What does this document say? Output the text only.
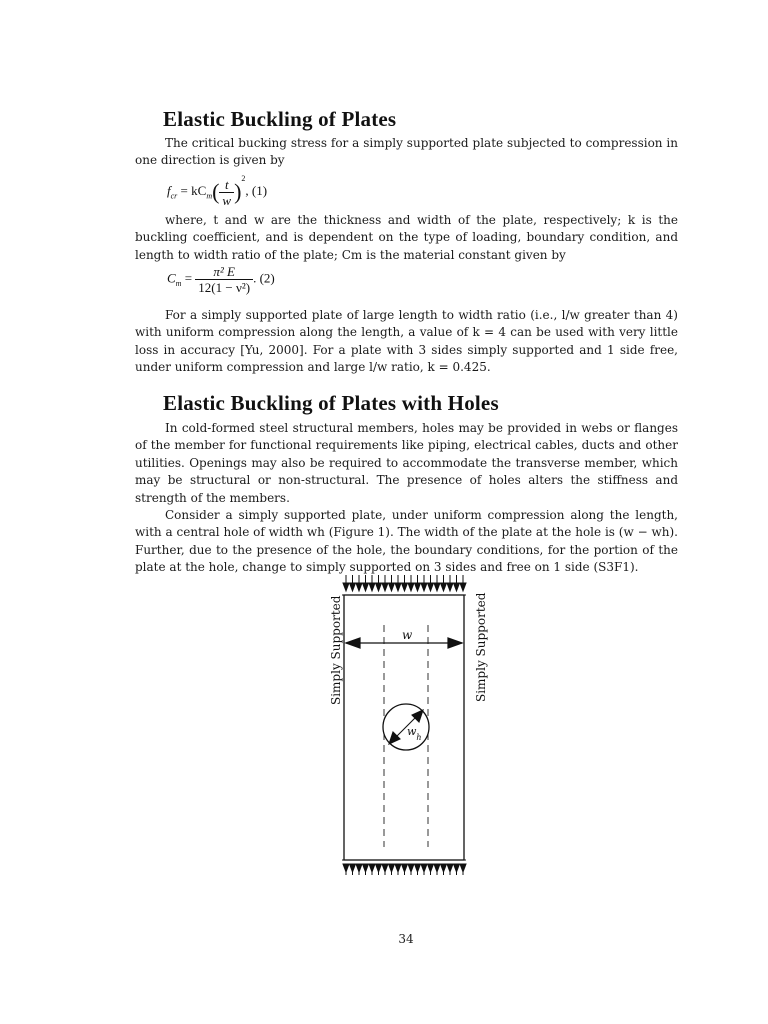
Elastic Buckling of Plates

The critical bucking stress for a simply supported plate subjected to compression in one direction is given by

$f_{cr} = kC_m( \frac{t}{w} )^2$, (1)

where, t and w are the thickness and width of the plate, respectively; k is the buckling coefficient, and is dependent on the type of loading, boundary condition, and length to width ratio of the plate; Cm is the material constant given by

$C_m = \frac{\text{π² E}}{\text{12(1 − ν²)}}$ . (2)

For a simply supported plate of large length to width ratio (i.e., l/w greater than 4) with uniform compression along the length, a value of k = 4 can be used with very little loss in accuracy [Yu, 2000]. For a plate with 3 sides simply supported and 1 side free, under uniform compression and large l/w ratio, k = 0.425.

Elastic Buckling of Plates with Holes

In cold-formed steel structural members, holes may be provided in webs or flanges of the member for functional requirements like piping, electrical cables, ducts and other utilities. Openings may also be required to accommodate the transverse member, which may be structural or non-structural. The presence of holes alters the stiffness and strength of the members.

Consider a simply supported plate, under uniform compression along the length, with a central hole of width wh (Figure 1). The width of the plate at the hole is (w − wh). Further, due to the presence of the hole, the boundary conditions, for the portion of the plate at the hole, change to simply supported on 3 sides and free on 1 side (S3F1).

w
$w_h$
Simply Supported	Simply Supported
34
